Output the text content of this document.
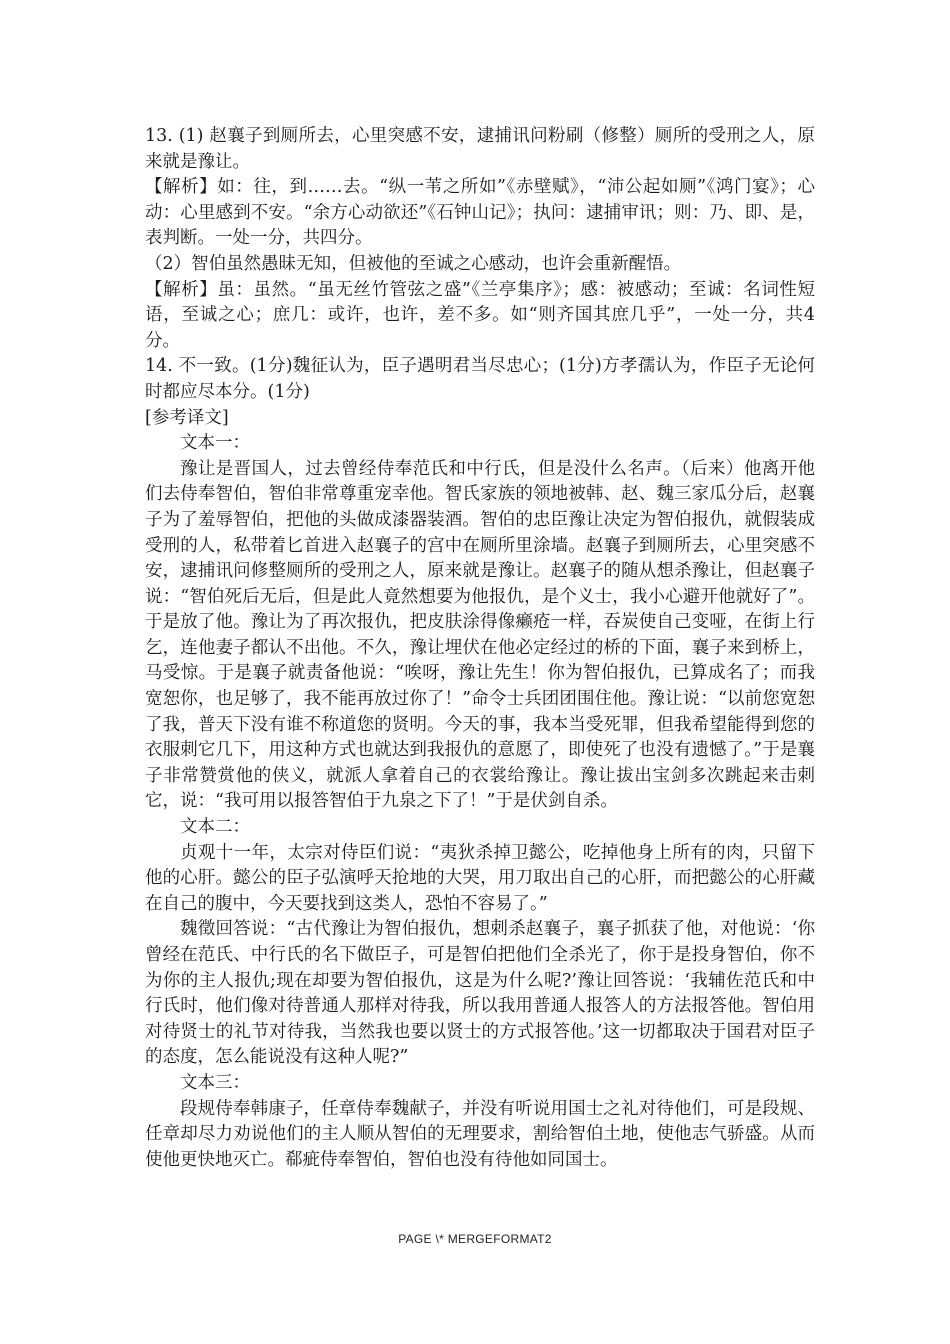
13. (1) 赵襄子到厕所去，心里突感不安，逮捕讯问粉刷（修整）厕所的受刑之人，原来就是豫让。

【解析】如：往，到……去。“纵一苇之所如”《赤壁赋》，“沛公起如厕”《鸿门宴》；心动：心里感到不安。“余方心动欲还”《石钟山记》；执问：逮捕审讯；则：乃、即、是，表判断。一处一分，共四分。

（2）智伯虽然愚昧无知，但被他的至诚之心感动，也许会重新醒悟。

【解析】虽：虽然。“虽无丝竹管弦之盛”《兰亭集序》；感：被感动；至诚：名词性短语，至诚之心；庶几：或许，也许，差不多。如“则齐国其庶几乎”，一处一分，共4分。

14. 不一致。(1分)魏征认为，臣子遇明君当尽忠心；(1分)方孝孺认为，作臣子无论何时都应尽本分。(1分)

[参考译文]

文本一：

豫让是晋国人，过去曾经侍奉范氏和中行氏，但是没什么名声。（后来）他离开他们去侍奉智伯，智伯非常尊重宠幸他。智氏家族的领地被韩、赵、魏三家瓜分后，赵襄子为了羞辱智伯，把他的头做成漆器装酒。智伯的忠臣豫让决定为智伯报仇，就假装成受刑的人，私带着匕首进入赵襄子的宫中在厕所里涂墙。赵襄子到厕所去，心里突感不安，逮捕讯问修整厕所的受刑之人，原来就是豫让。赵襄子的随从想杀豫让，但赵襄子说：“智伯死后无后，但是此人竟然想要为他报仇，是个义士，我小心避开他就好了”。于是放了他。豫让为了再次报仇，把皮肤涂得像癞疮一样，吞炭使自己变哑，在街上行乞，连他妻子都认不出他。不久，豫让埋伏在他必定经过的桥的下面，襄子来到桥上，马受惊。于是襄子就责备他说：“唉呀，豫让先生！你为智伯报仇，已算成名了；而我宽恕你，也足够了，我不能再放过你了！”命令士兵团团围住他。豫让说：“以前您宽恕了我，普天下没有谁不称道您的贤明。今天的事，我本当受死罪，但我希望能得到您的衣服刺它几下，用这种方式也就达到我报仇的意愿了，即使死了也没有遗憾了。”于是襄子非常赞赏他的侠义，就派人拿着自己的衣裳给豫让。豫让拔出宝剑多次跳起来击刺它，说：“我可用以报答智伯于九泉之下了！”于是伏剑自杀。

文本二：

贞观十一年，太宗对侍臣们说：“夷狄杀掉卫懿公，吃掉他身上所有的肉，只留下他的心肝。懿公的臣子弘演呼天抢地的大哭，用刀取出自己的心肝，而把懿公的心肝藏在自己的腹中，今天要找到这类人，恐怕不容易了。”

魏徵回答说：“古代豫让为智伯报仇，想刺杀赵襄子，襄子抓获了他，对他说：‘你曾经在范氏、中行氏的名下做臣子，可是智伯把他们全杀光了，你于是投身智伯，你不为你的主人报仇;现在却要为智伯报仇，这是为什么呢?’豫让回答说：‘我辅佐范氏和中行氏时，他们像对待普通人那样对待我，所以我用普通人报答人的方法报答他。智伯用对待贤士的礼节对待我，当然我也要以贤士的方式报答他。’这一切都取决于国君对臣子的态度，怎么能说没有这种人呢?”

文本三：

段规侍奉韩康子，任章侍奉魏献子，并没有听说用国士之礼对待他们，可是段规、任章却尽力劝说他们的主人顺从智伯的无理要求，割给智伯土地，使他志气骄盛。从而使他更快地灭亡。郗疵侍奉智伯，智伯也没有待他如同国士。

PAGE \* MERGEFORMAT2
